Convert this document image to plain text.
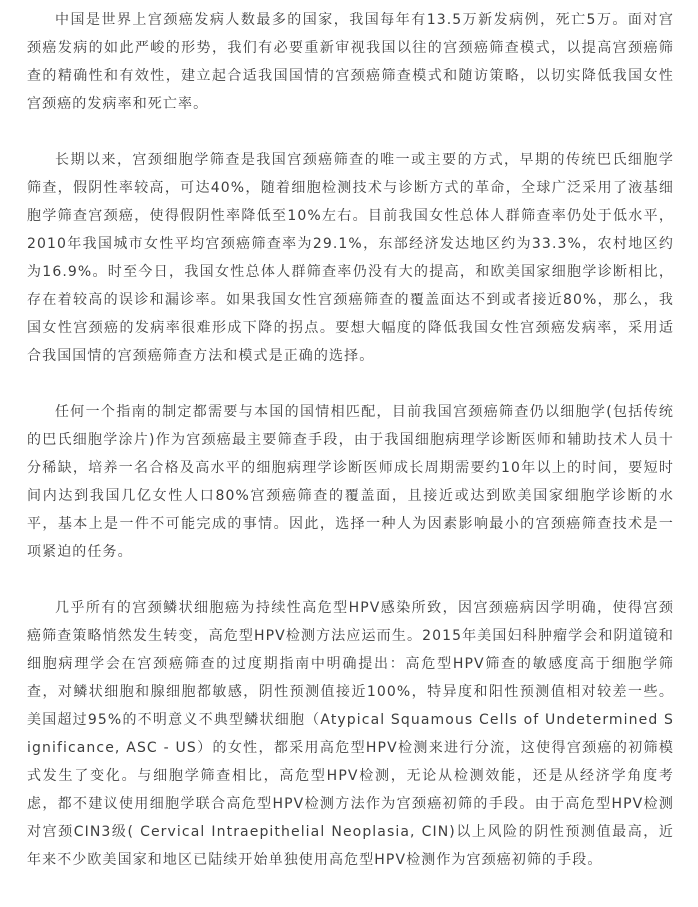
中国是世界上宫颈癌发病人数最多的国家，我国每年有13.5万新发病例，死亡5万。面对宫颈癌发病的如此严峻的形势，我们有必要重新审视我国以往的宫颈癌筛查模式，以提高宫颈癌筛查的精确性和有效性，建立起合适我国国情的宫颈癌筛查模式和随访策略，以切实降低我国女性宫颈癌的发病率和死亡率。

长期以来，宫颈细胞学筛查是我国宫颈癌筛查的唯一或主要的方式，早期的传统巴氏细胞学筛查，假阴性率较高，可达40%，随着细胞检测技术与诊断方式的革命，全球广泛采用了液基细胞学筛查宫颈癌，使得假阴性率降低至10%左右。目前我国女性总体人群筛查率仍处于低水平，2010年我国城市女性平均宫颈癌筛查率为29.1%，东部经济发达地区约为33.3%，农村地区约为16.9%。时至今日，我国女性总体人群筛查率仍没有大的提高，和欧美国家细胞学诊断相比，存在着较高的误诊和漏诊率。如果我国女性宫颈癌筛查的覆盖面达不到或者接近80%，那么，我国女性宫颈癌的发病率很难形成下降的拐点。要想大幅度的降低我国女性宫颈癌发病率，采用适合我国国情的宫颈癌筛查方法和模式是正确的选择。

任何一个指南的制定都需要与本国的国情相匹配，目前我国宫颈癌筛查仍以细胞学(包括传统的巴氏细胞学涂片)作为宫颈癌最主要筛查手段，由于我国细胞病理学诊断医师和辅助技术人员十分稀缺，培养一名合格及高水平的细胞病理学诊断医师成长周期需要约10年以上的时间，要短时间内达到我国几亿女性人口80%宫颈癌筛查的覆盖面，且接近或达到欧美国家细胞学诊断的水平，基本上是一件不可能完成的事情。因此，选择一种人为因素影响最小的宫颈癌筛查技术是一项紧迫的任务。

几乎所有的宫颈鳞状细胞癌为持续性高危型HPV感染所致，因宫颈癌病因学明确，使得宫颈癌筛查策略悄然发生转变，高危型HPV检测方法应运而生。2015年美国妇科肿瘤学会和阴道镜和细胞病理学会在宫颈癌筛查的过度期指南中明确提出：高危型HPV筛查的敏感度高于细胞学筛查，对鳞状细胞和腺细胞都敏感，阴性预测值接近100%，特异度和阳性预测值相对较差一些。美国超过95%的不明意义不典型鳞状细胞（Atypical Squamous Cells of Undetermined Significance, ASC - US）的女性，都采用高危型HPV检测来进行分流，这使得宫颈癌的初筛模式发生了变化。与细胞学筛查相比，高危型HPV检测，无论从检测效能，还是从经济学角度考虑，都不建议使用细胞学联合高危型HPV检测方法作为宫颈癌初筛的手段。由于高危型HPV检测对宫颈CIN3级( Cervical Intraepithelial Neoplasia, CIN)以上风险的阴性预测值最高，近年来不少欧美国家和地区已陆续开始单独使用高危型HPV检测作为宫颈癌初筛的手段。
